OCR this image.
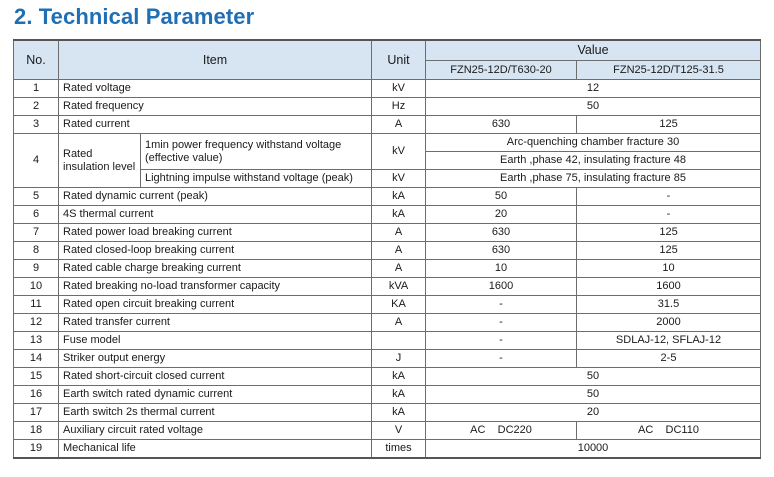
2. Technical Parameter
No.	Item		Unit	Value	
				FZN25-12D/T630-20	FZN25-12D/T125-31.5
1	Rated voltage		kV	12	
2	Rated frequency		Hz	50	
3	Rated current		A	630	125
4	Rated insulation level	1min power frequency withstand voltage (effective value)	kV	Arc-quenching chamber fracture 30	
				Earth ,phase 42, insulating fracture 48	
		Lightning impulse withstand voltage (peak)	kV	Earth ,phase 75, insulating fracture 85	
5	Rated dynamic current (peak)		kA	50	-
6	4S thermal current		kA	20	-
7	Rated power load breaking current		A	630	125
8	Rated closed-loop breaking current		A	630	125
9	Rated cable charge breaking current		A	10	10
10	Rated breaking no-load transformer capacity		kVA	1600	1600
11	Rated open circuit breaking current		KA	-	31.5
12	Rated transfer current		A	-	2000
13	Fuse model			-	SDLAJ-12, SFLAJ-12
14	Striker output energy		J	-	2-5
15	Rated short-circuit closed current		kA	50	
16	Earth switch rated dynamic current		kA	50	
17	Earth switch 2s thermal current		kA	20	
18	Auxiliary circuit rated voltage		V	AC    DC220	AC    DC110
19	Mechanical life		times	10000	
